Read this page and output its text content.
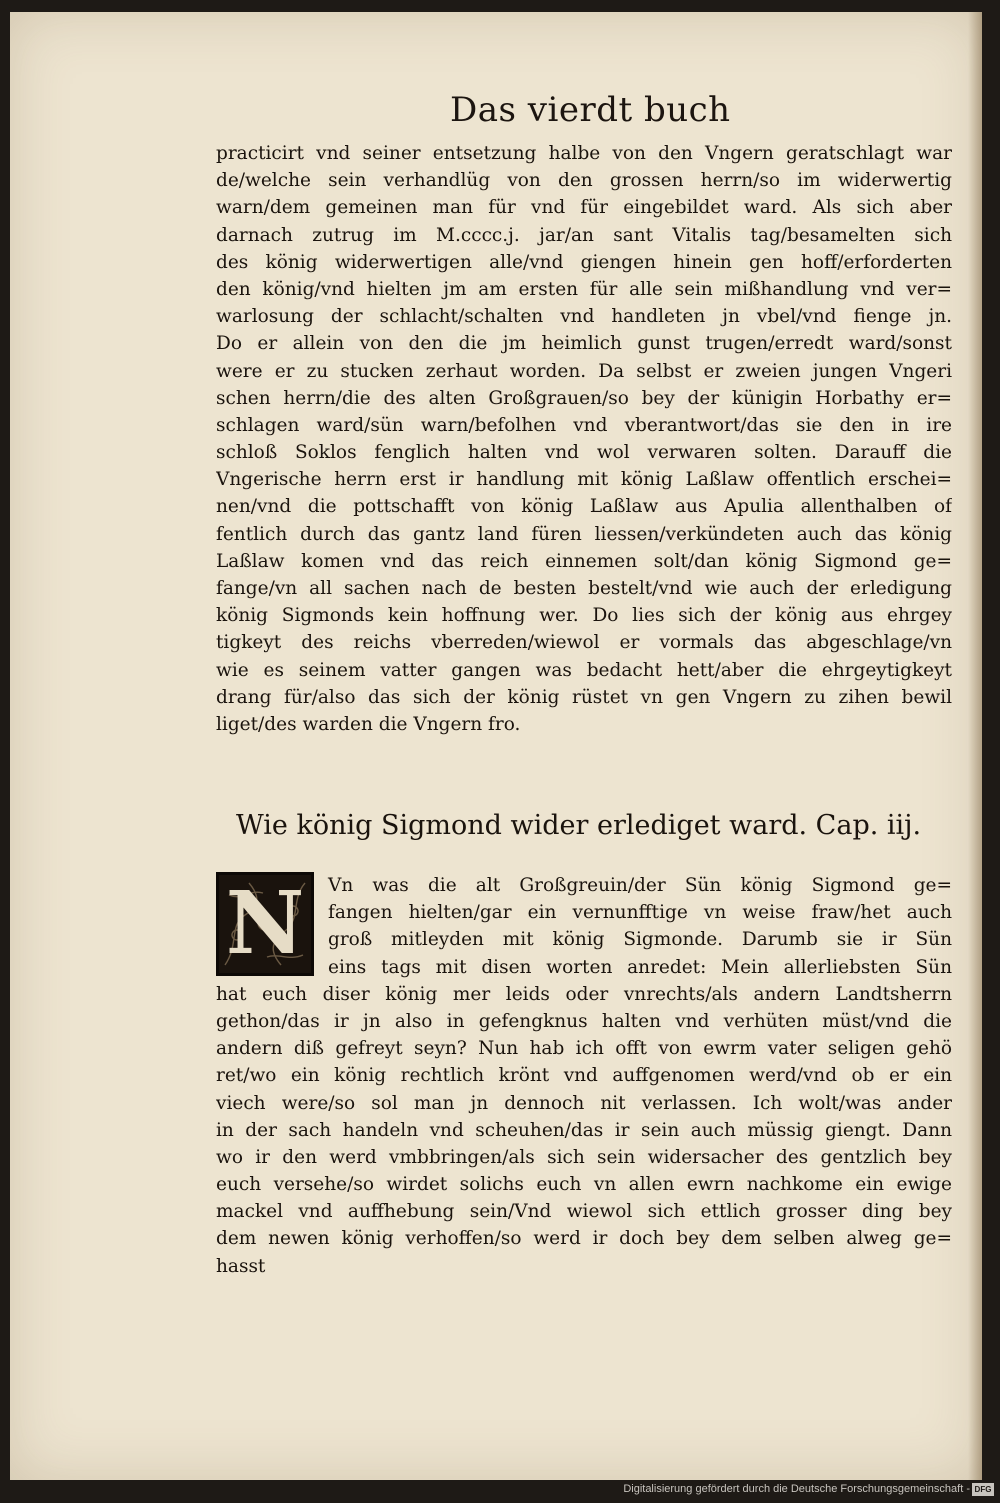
Das vierdt buch
practicirt vnd seiner entsetzung halbe von den Vngern geratschlagt war
de/welche sein verhandlüg von den grossen herrn/so im widerwertig
warn/dem gemeinen man für vnd für eingebildet ward. Als sich aber
darnach zutrug im M.cccc.j. jar/an sant Vitalis tag/besamelten sich
des könig widerwertigen alle/vnd giengen hinein gen hoff/erforderten
den könig/vnd hielten jm am ersten für alle sein mißhandlung vnd ver=
warlosung der schlacht/schalten vnd handleten jn vbel/vnd fienge jn.
Do er allein von den die jm heimlich gunst trugen/erredt ward/sonst
were er zu stucken zerhaut worden. Da selbst er zweien jungen Vngeri
schen herrn/die des alten Großgrauen/so bey der künigin Horbathy er=
schlagen ward/sün warn/befolhen vnd vberantwort/das sie den in ire
schloß Soklos fenglich halten vnd wol verwaren solten. Darauff die
Vngerische herrn erst ir handlung mit könig Laßlaw offentlich erschei=
nen/vnd die pottschafft von könig Laßlaw aus Apulia allenthalben of
fentlich durch das gantz land füren liessen/verkündeten auch das könig
Laßlaw komen vnd das reich einnemen solt/dan könig Sigmond ge=
fange/vn all sachen nach de besten bestelt/vnd wie auch der erledigung
könig Sigmonds kein hoffnung wer. Do lies sich der könig aus ehrgey
tigkeyt des reichs vberreden/wiewol er vormals das abgeschlage/vn
wie es seinem vatter gangen was bedacht hett/aber die ehrgeytigkeyt
drang für/also das sich der könig rüstet vn gen Vngern zu zihen bewil
liget/des warden die Vngern fro.
Wie könig Sigmond wider erlediget ward. Cap. iij.
N	Vn was die alt Großgreuin/der Sün könig Sigmond ge=
fangen hielten/gar ein vernunfftige vn weise fraw/het auch
groß mitleyden mit könig Sigmonde. Darumb sie ir Sün
eins tags mit disen worten anredet: Mein allerliebsten Sün
hat euch diser könig mer leids oder vnrechts/als andern Landtsherrn
gethon/das ir jn also in gefengknus halten vnd verhüten müst/vnd die
andern diß gefreyt seyn? Nun hab ich offt von ewrm vater seligen gehö
ret/wo ein könig rechtlich krönt vnd auffgenomen werd/vnd ob er ein
viech were/so sol man jn dennoch nit verlassen. Ich wolt/was ander
in der sach handeln vnd scheuhen/das ir sein auch müssig giengt. Dann
wo ir den werd vmbbringen/als sich sein widersacher des gentzlich bey
euch versehe/so wirdet solichs euch vn allen ewrn nachkome ein ewige
mackel vnd auffhebung sein/Vnd wiewol sich ettlich grosser ding bey
dem newen könig verhoffen/so werd ir doch bey dem selben alweg ge=
hasst
Digitalisierung gefördert durch die Deutsche Forschungsgemeinschaft - DFG
